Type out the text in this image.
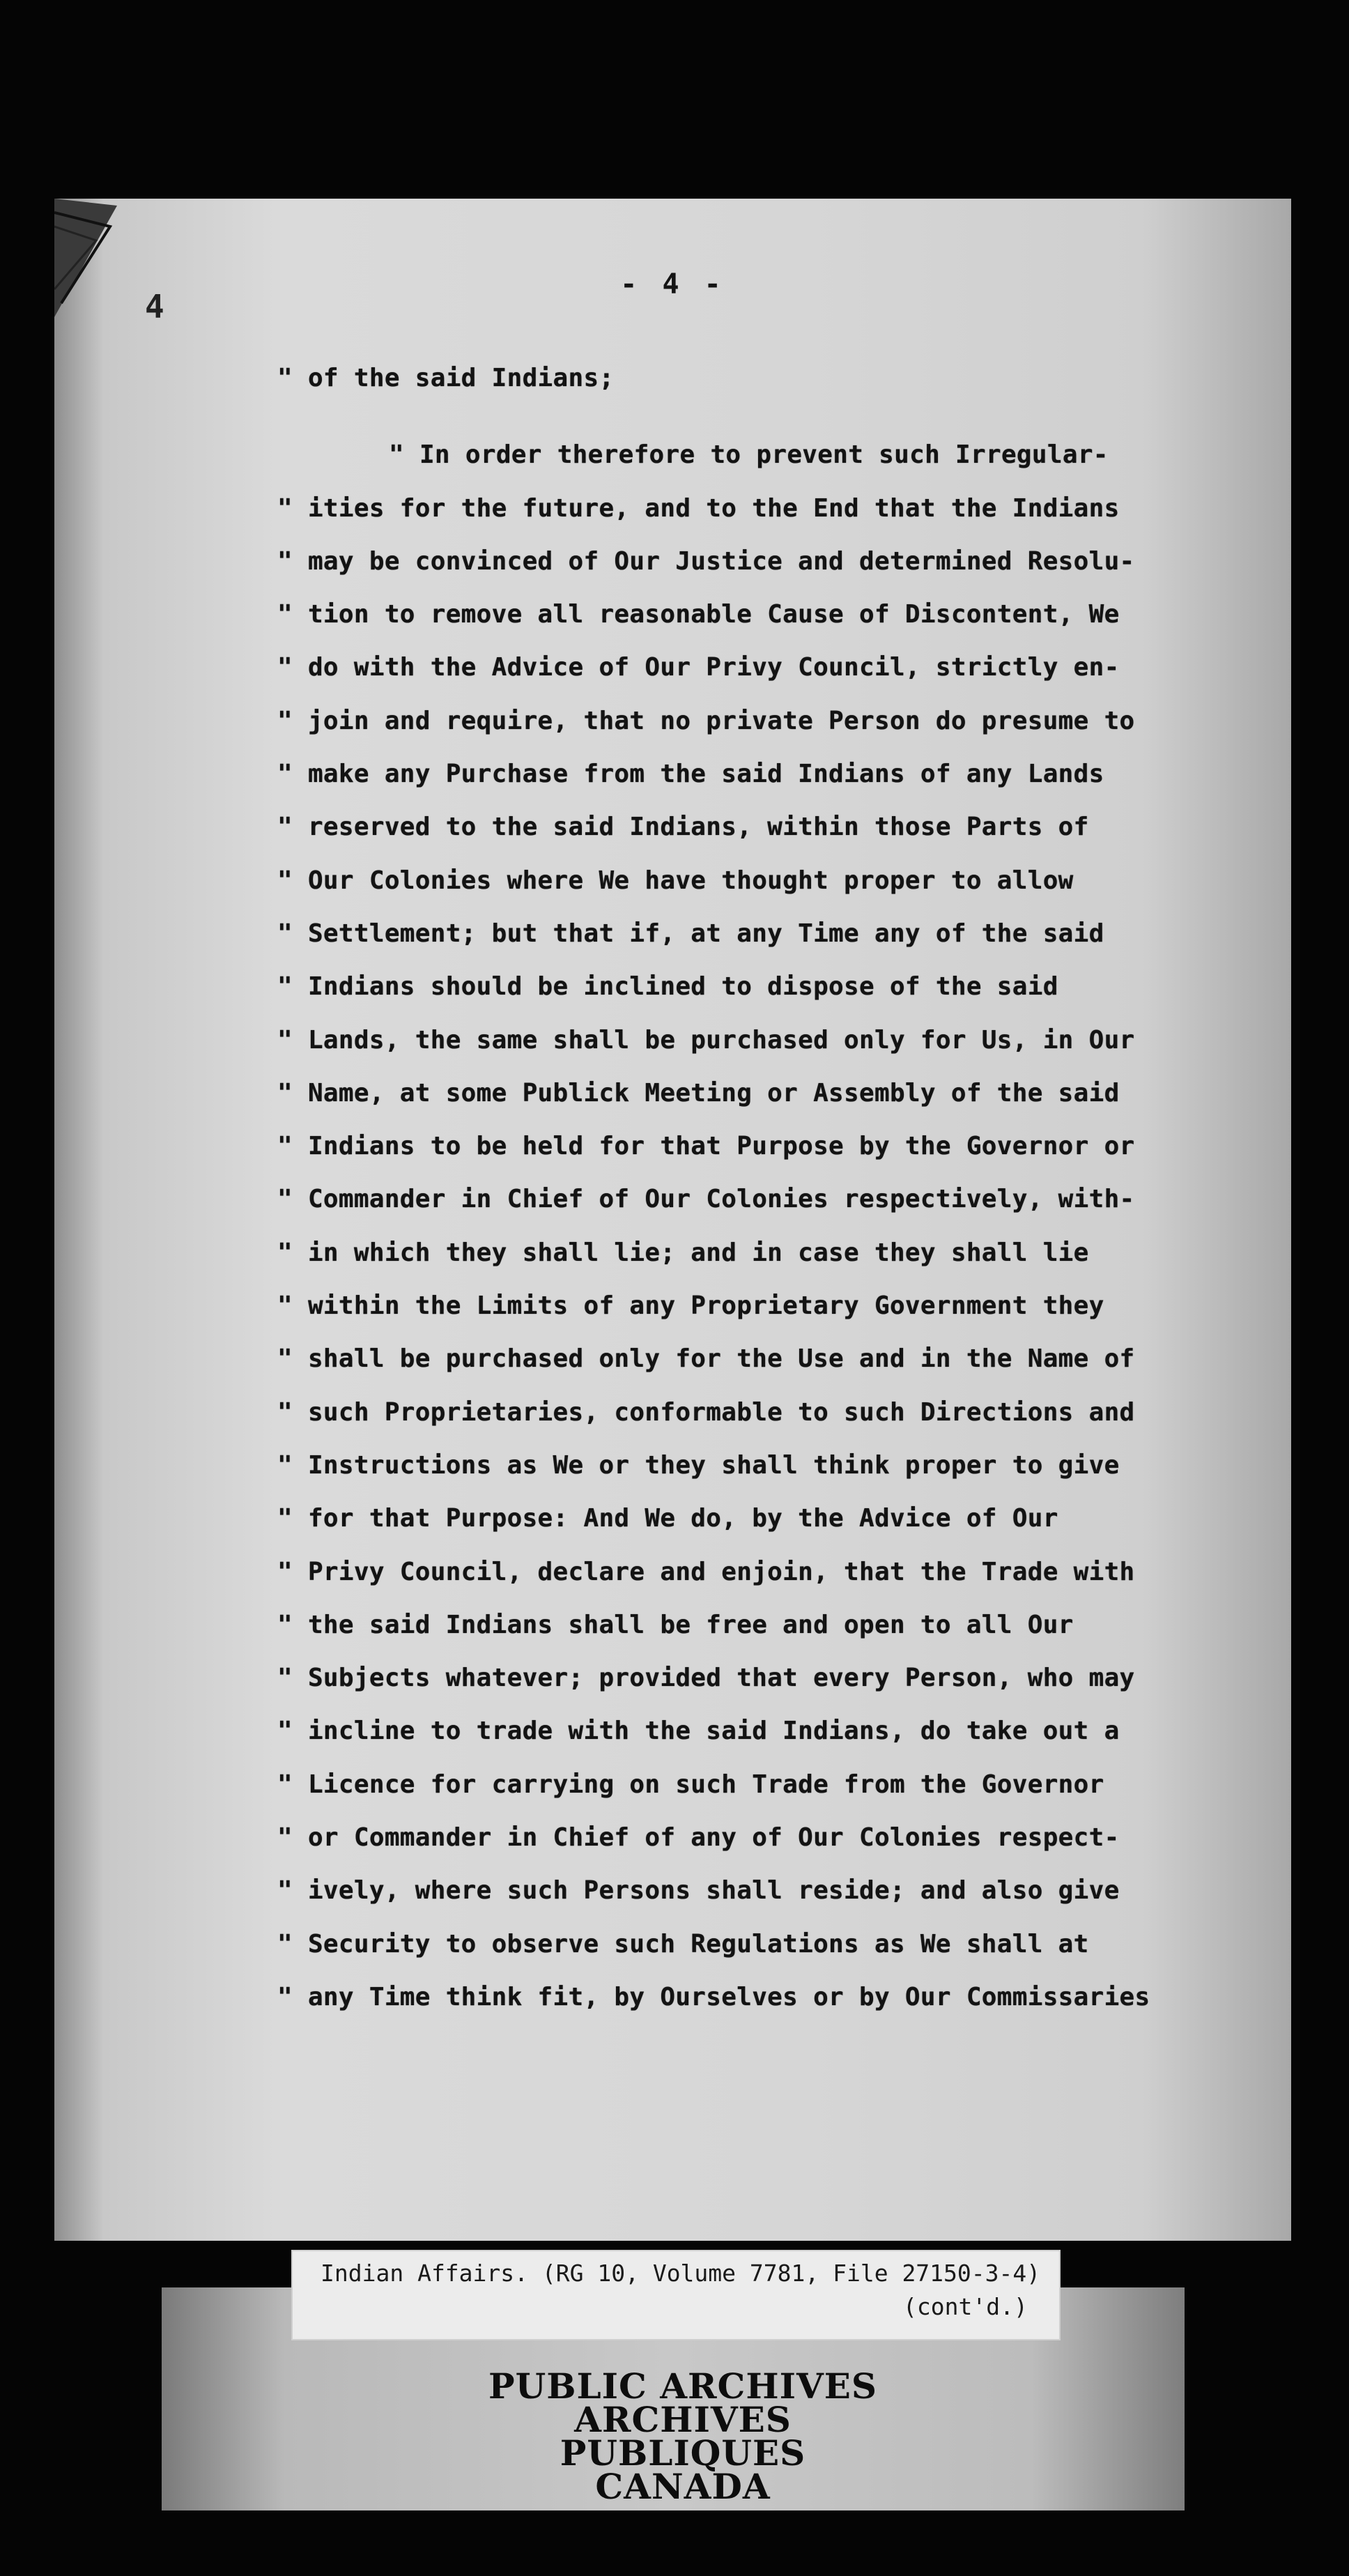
4
- 4 -
" of the said Indians;
" In order therefore to prevent such Irregular-
" ities for the future, and to the End that the Indians
" may be convinced of Our Justice and determined Resolu-
" tion to remove all reasonable Cause of Discontent, We
" do with the Advice of Our Privy Council, strictly en-
" join and require, that no private Person do presume to
" make any Purchase from the said Indians of any Lands
" reserved to the said Indians, within those Parts of
" Our Colonies where We have thought proper to allow
" Settlement; but that if, at any Time any of the said
" Indians should be inclined to dispose of the said
" Lands, the same shall be purchased only for Us, in Our
" Name, at some Publick Meeting or Assembly of the said
" Indians to be held for that Purpose by the Governor or
" Commander in Chief of Our Colonies respectively, with-
" in which they shall lie; and in case they shall lie
" within the Limits of any Proprietary Government they
" shall be purchased only for the Use and in the Name of
" such Proprietaries, conformable to such Directions and
" Instructions as We or they shall think proper to give
" for that Purpose: And We do, by the Advice of Our
" Privy Council, declare and enjoin, that the Trade with
" the said Indians shall be free and open to all Our
" Subjects whatever; provided that every Person, who may
" incline to trade with the said Indians, do take out a
" Licence for carrying on such Trade from the Governor
" or Commander in Chief of any of Our Colonies respect-
" ively, where such Persons shall reside; and also give
" Security to observe such Regulations as We shall at
" any Time think fit, by Ourselves or by Our Commissaries
Indian Affairs. (RG 10, Volume 7781, File 27150-3-4)
(cont'd.)
PUBLIC ARCHIVES
ARCHIVES PUBLIQUES
CANADA
